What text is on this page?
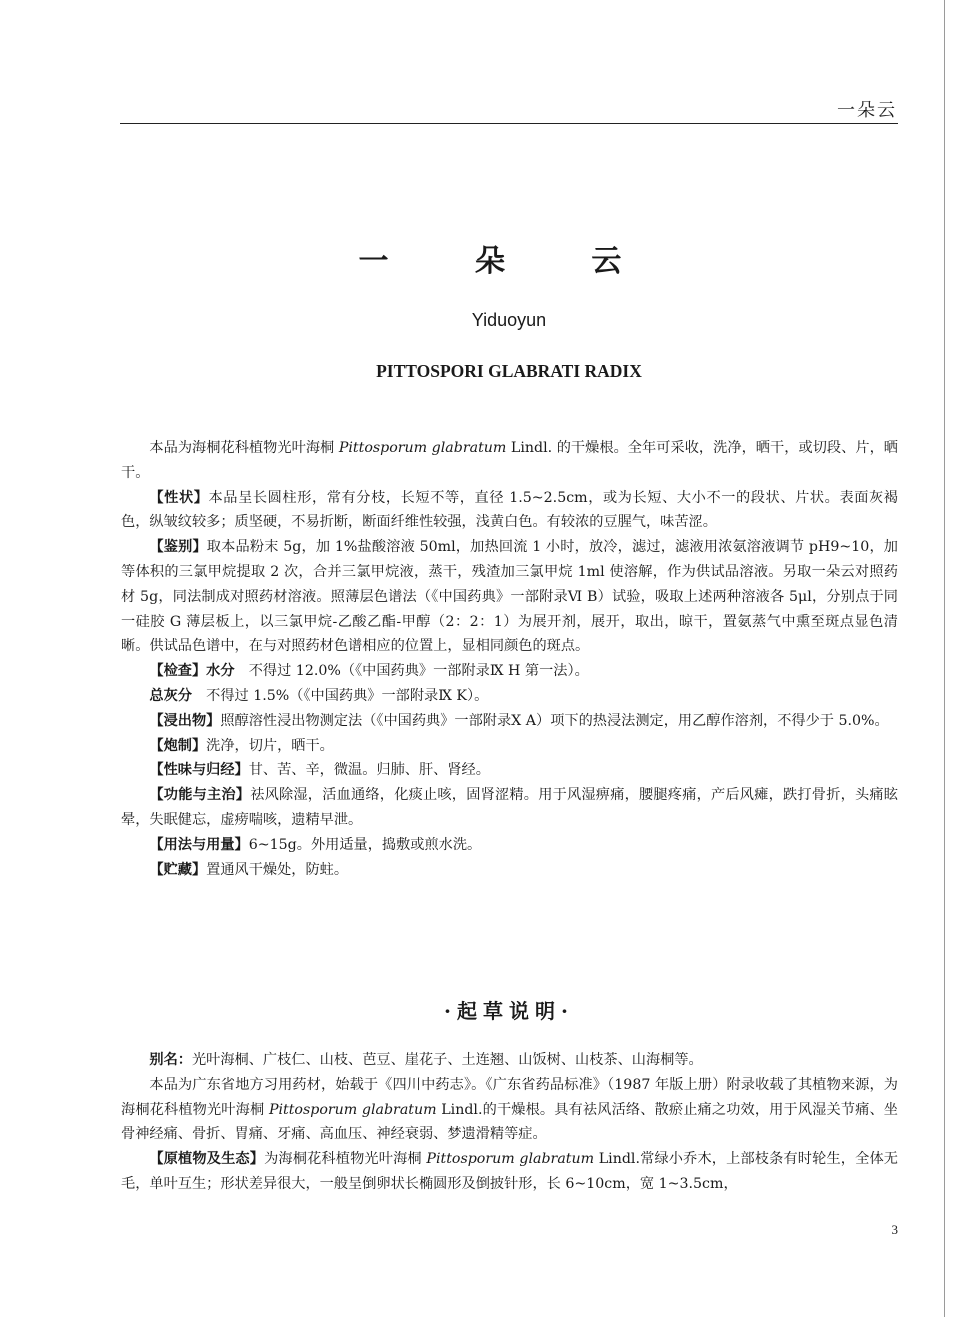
一朵云
一 朵 云
Yiduoyun
PITTOSPORI GLABRATI RADIX

本品为海桐花科植物光叶海桐 Pittosporum glabratum Lindl. 的干燥根。全年可采收，洗净，晒干，或切段、片，晒干。

【性状】本品呈长圆柱形，常有分枝，长短不等，直径 1.5~2.5cm，或为长短、大小不一的段状、片状。表面灰褐色，纵皱纹较多；质坚硬，不易折断，断面纤维性较强，浅黄白色。有较浓的豆腥气，味苦涩。

【鉴别】取本品粉末 5g，加 1%盐酸溶液 50ml，加热回流 1 小时，放冷，滤过，滤液用浓氨溶液调节 pH9~10，加等体积的三氯甲烷提取 2 次，合并三氯甲烷液，蒸干，残渣加三氯甲烷 1ml 使溶解，作为供试品溶液。另取一朵云对照药材 5g，同法制成对照药材溶液。照薄层色谱法（《中国药典》一部附录Ⅵ B）试验，吸取上述两种溶液各 5μl，分别点于同一硅胶 G 薄层板上，以三氯甲烷-乙酸乙酯-甲醇（2：2：1）为展开剂，展开，取出，晾干，置氨蒸气中熏至斑点显色清晰。供试品色谱中，在与对照药材色谱相应的位置上，显相同颜色的斑点。

【检查】水分　不得过 12.0%（《中国药典》一部附录Ⅸ H 第一法）。

总灰分　不得过 1.5%（《中国药典》一部附录Ⅸ K）。

【浸出物】照醇溶性浸出物测定法（《中国药典》一部附录Ⅹ A）项下的热浸法测定，用乙醇作溶剂，不得少于 5.0%。

【炮制】洗净，切片，晒干。

【性味与归经】甘、苦、辛，微温。归肺、肝、肾经。

【功能与主治】祛风除湿，活血通络，化痰止咳，固肾涩精。用于风湿痹痛，腰腿疼痛，产后风瘫，跌打骨折，头痛眩晕，失眠健忘，虚痨喘咳，遗精早泄。

【用法与用量】6~15g。外用适量，捣敷或煎水洗。

【贮藏】置通风干燥处，防蛀。

·起草说明·

别名：光叶海桐、广枝仁、山枝、芭豆、崖花子、土连翘、山饭树、山枝茶、山海桐等。

本品为广东省地方习用药材，始载于《四川中药志》。《广东省药品标准》（1987 年版上册）附录收载了其植物来源，为海桐花科植物光叶海桐 Pittosporum glabratum Lindl.的干燥根。具有祛风活络、散瘀止痛之功效，用于风湿关节痛、坐骨神经痛、骨折、胃痛、牙痛、高血压、神经衰弱、梦遗滑精等症。

【原植物及生态】为海桐花科植物光叶海桐 Pittosporum glabratum Lindl.常绿小乔木，上部枝条有时轮生，全体无毛，单叶互生；形状差异很大，一般呈倒卵状长椭圆形及倒披针形，长 6~10cm，宽 1~3.5cm，

3
